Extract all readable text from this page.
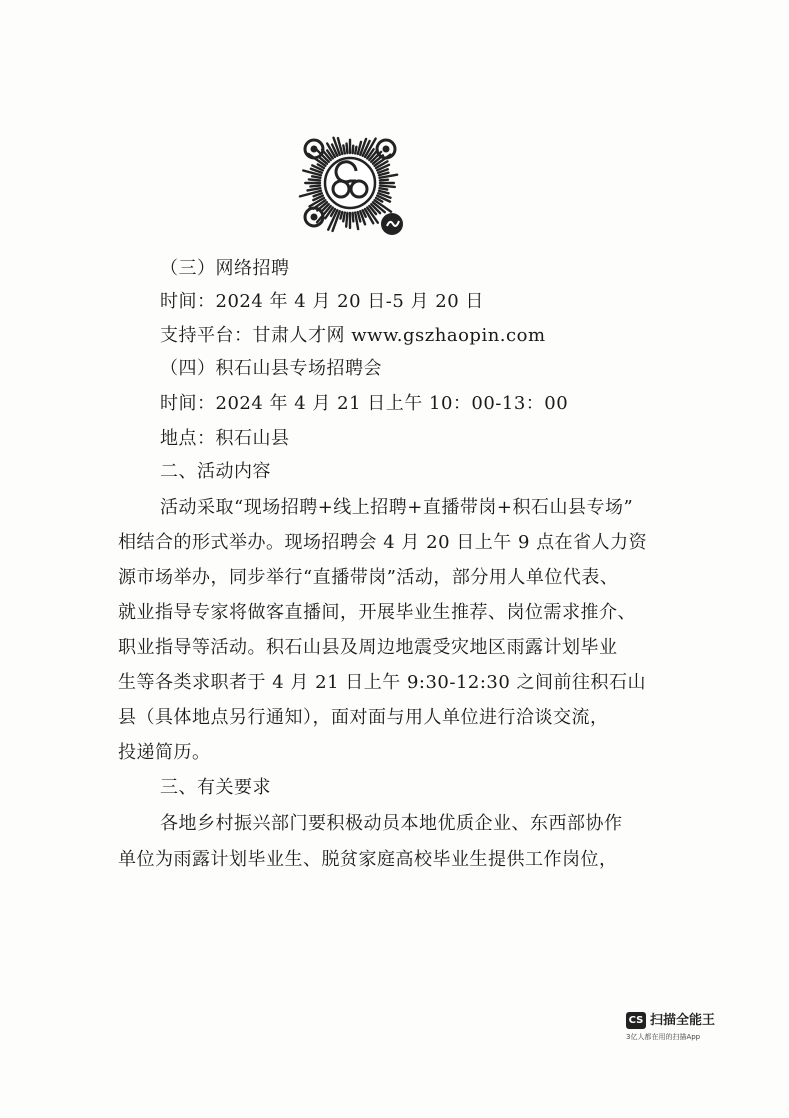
（三）网络招聘
时间：2024 年 4 月 20 日-5 月 20 日
支持平台：甘肃人才网 www.gszhaopin.com
（四）积石山县专场招聘会
时间：2024 年 4 月 21 日上午 10：00-13：00
地点：积石山县
二、活动内容
活动采取“现场招聘+线上招聘+直播带岗+积石山县专场”
相结合的形式举办。现场招聘会 4 月 20 日上午 9 点在省人力资
源市场举办，同步举行“直播带岗”活动，部分用人单位代表、
就业指导专家将做客直播间，开展毕业生推荐、岗位需求推介、
职业指导等活动。积石山县及周边地震受灾地区雨露计划毕业
生等各类求职者于 4 月 21 日上午 9:30-12:30 之间前往积石山
县（具体地点另行通知），面对面与用人单位进行洽谈交流，
投递简历。
三、有关要求
各地乡村振兴部门要积极动员本地优质企业、东西部协作
单位为雨露计划毕业生、脱贫家庭高校毕业生提供工作岗位，
CS 扫描全能王
3亿人都在用的扫描App
